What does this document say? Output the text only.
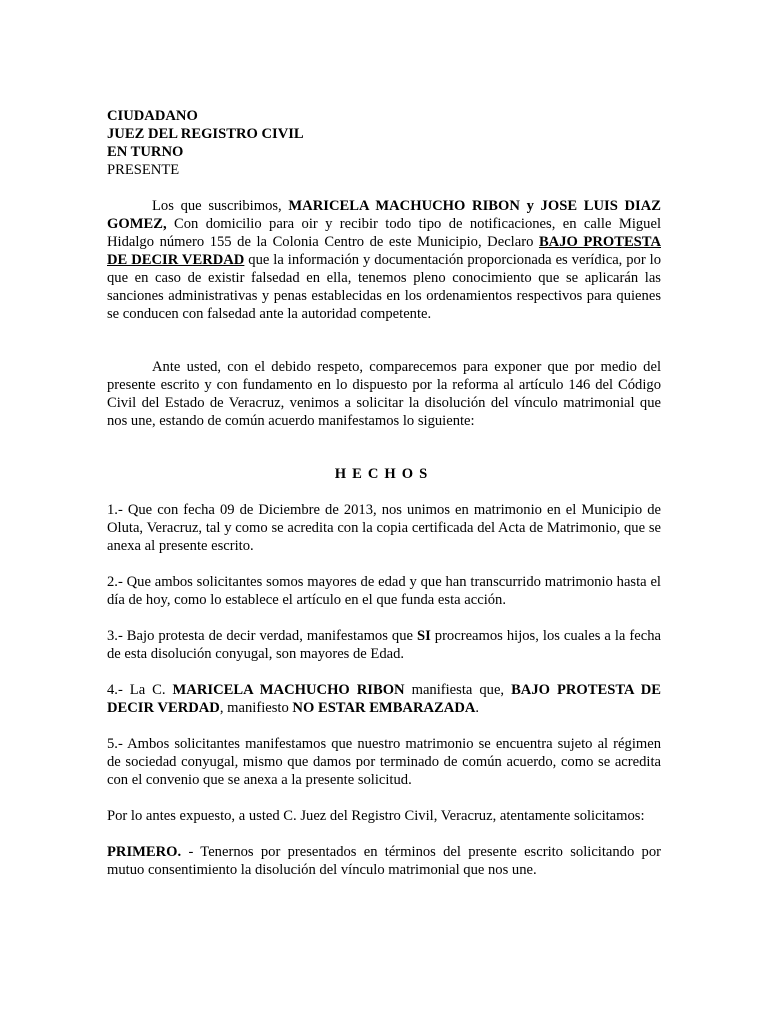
CIUDADANO
JUEZ DEL REGISTRO CIVIL
EN TURNO
PRESENTE

Los que suscribimos, MARICELA MACHUCHO RIBON y JOSE LUIS DIAZ GOMEZ, Con domicilio para oir y recibir todo tipo de notificaciones, en calle Miguel Hidalgo número 155 de la Colonia Centro de este Municipio, Declaro BAJO PROTESTA DE DECIR VERDAD que la información y documentación proporcionada es verídica, por lo que en caso de existir falsedad en ella, tenemos pleno conocimiento que se aplicarán las sanciones administrativas y penas establecidas en los ordenamientos respectivos para quienes se conducen con falsedad ante la autoridad competente.

Ante usted, con el debido respeto, comparecemos para exponer que por medio del presente escrito y con fundamento en lo dispuesto por la reforma al artículo 146 del Código Civil del Estado de Veracruz, venimos a solicitar la disolución del vínculo matrimonial que nos une, estando de común acuerdo manifestamos lo siguiente:

HECHOS

1.- Que con fecha 09 de Diciembre de 2013, nos unimos en matrimonio en el Municipio de Oluta, Veracruz, tal y como se acredita con la copia certificada del Acta de Matrimonio, que se anexa al presente escrito.

2.- Que ambos solicitantes somos mayores de edad y que han transcurrido matrimonio hasta el día de hoy, como lo establece el artículo en el que funda esta acción.

3.- Bajo protesta de decir verdad, manifestamos que SI procreamos hijos, los cuales a la fecha de esta disolución conyugal, son mayores de Edad.

4.- La C. MARICELA MACHUCHO RIBON manifiesta que, BAJO PROTESTA DE DECIR VERDAD, manifiesto NO ESTAR EMBARAZADA.

5.- Ambos solicitantes manifestamos que nuestro matrimonio se encuentra sujeto al régimen de sociedad conyugal, mismo que damos por terminado de común acuerdo, como se acredita con el convenio que se anexa a la presente solicitud.

Por lo antes expuesto, a usted C. Juez del Registro Civil, Veracruz, atentamente solicitamos:

PRIMERO. - Tenernos por presentados en términos del presente escrito solicitando por mutuo consentimiento la disolución del vínculo matrimonial que nos une.
